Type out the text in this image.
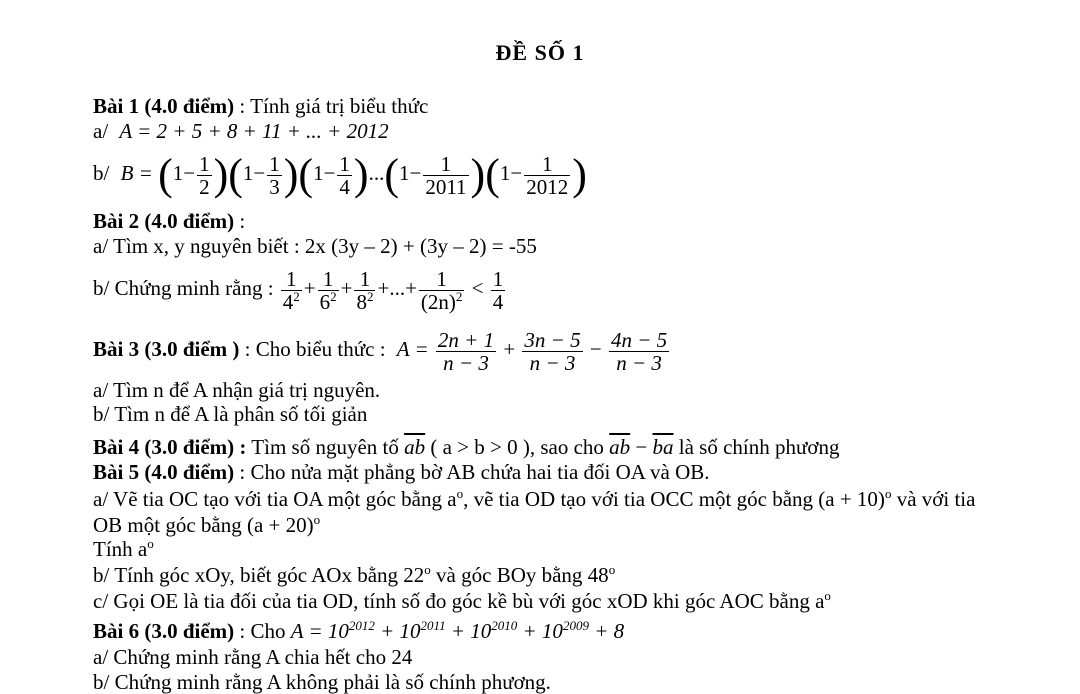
ĐỀ SỐ 1
Bài 1 (4.0 điểm) : Tính giá trị biểu thức
a/ A = 2 + 5 + 8 + 11 + ... + 2012
b/ $B = (1- \frac{1}{2} )(1- \frac{1}{3} )(1- \frac{1}{4} )...(1- \frac{1}{2011} )(1- \frac{1}{2012}$ )
Bài 2 (4.0 điểm) :
a/ Tìm x, y nguyên biết : 2x (3y – 2) + (3y – 2) = -55
b/ Chứng minh rằng : $\frac{1}{4^2} + \frac{1}{6^2} + \frac{1}{8^2}$ +...+ $\frac{1}{(2n)^2} < \frac{1}{4}$
Bài 3 (3.0 điểm ) : Cho biểu thức : $A = \frac{2n + 1}{n - 3} + \frac{3n - 5}{n - 3} - \frac{4n - 5}{n - 3}$
a/ Tìm n để A nhận giá trị nguyên.
b/ Tìm n để A là phân số tối giản
Bài 4 (3.0 điểm) : Tìm số nguyên tố $\overline{ab}$ ( a > b > 0 ), sao cho $\overline{ab} - \overline{ba}$ là số chính phương
Bài 5 (4.0 điểm) : Cho nửa mặt phẳng bờ AB chứa hai tia đối OA và OB.
a/ Vẽ tia OC tạo với tia OA một góc bằng $a^o$, vẽ tia OD tạo với tia OCC một góc bằng $(a + 10)^o$ và với tia
OB một góc bằng $(a + 20)^o$
Tính $a^o$
b/ Tính góc xOy, biết góc AOx bằng 22$^o$ và góc BOy bằng 48$^o$
c/ Gọi OE là tia đối của tia OD, tính số đo góc kề bù với góc xOD khi góc AOC bằng $a^o$
Bài 6 (3.0 điểm) : Cho $A = 10^{2012} + 10^{2011} + 10^{2010} + 10^{2009} + 8$
a/ Chứng minh rằng A chia hết cho 24
b/ Chứng minh rằng A không phải là số chính phương.
